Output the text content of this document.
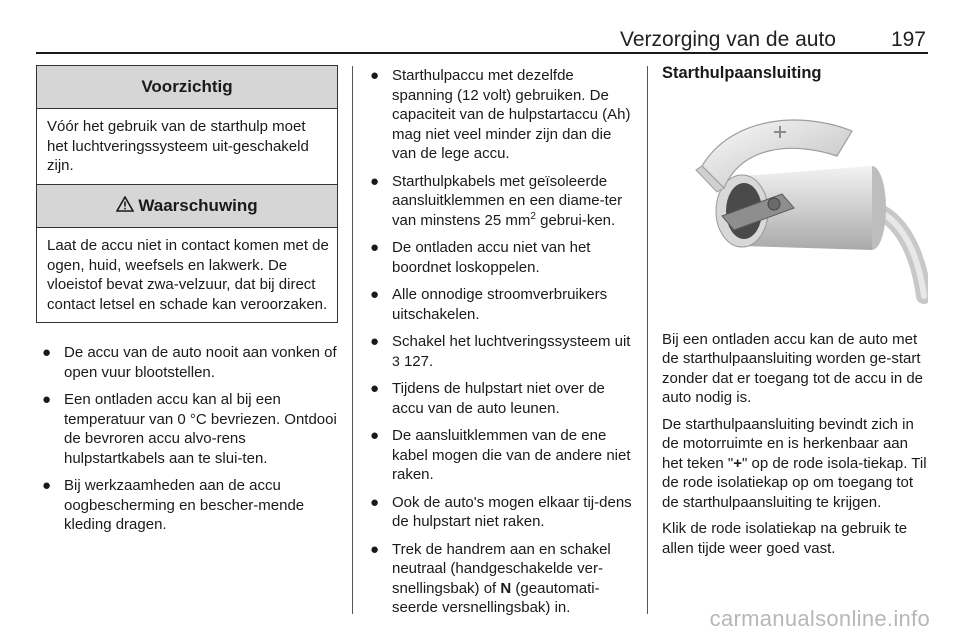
Verzorging van de auto	197
Voorzichtig
Vóór het gebruik van de starthulp moet het luchtveringssysteem uit-geschakeld zijn.
Waarschuwing
Laat de accu niet in contact komen met de ogen, huid, weefsels en lakwerk. De vloeistof bevat zwa-velzuur, dat bij direct contact letsel en schade kan veroorzaken.
● De accu van de auto nooit aan vonken of open vuur blootstellen.
● Een ontladen accu kan al bij een temperatuur van 0 °C bevriezen. Ontdooi de bevroren accu alvo-rens hulpstartkabels aan te slui-ten.
● Bij werkzaamheden aan de accu oogbescherming en bescher-mende kleding dragen.
● Starthulpaccu met dezelfde spanning (12 volt) gebruiken. De capaciteit van de hulpstartaccu (Ah) mag niet veel minder zijn dan die van de lege accu.
● Starthulpkabels met geïsoleerde aansluitklemmen en een diame-ter van minstens 25 $mm^2$ gebrui-ken.
● De ontladen accu niet van het boordnet loskoppelen.
● Alle onnodige stroomverbruikers uitschakelen.
● Schakel het luchtveringssysteem uit 3 127.
● Tijdens de hulpstart niet over de accu van de auto leunen.
● De aansluitklemmen van de ene kabel mogen die van de andere niet raken.
● Ook de auto's mogen elkaar tij-dens de hulpstart niet raken.
● Trek de handrem aan en schakel neutraal (handgeschakelde ver-snellingsbak) of N (geautomati-seerde versnellingsbak) in.
Starthulpaansluiting

Bij een ontladen accu kan de auto met de starthulpaansluiting worden ge-start zonder dat er toegang tot de accu in de auto nodig is.

De starthulpaansluiting bevindt zich in de motorruimte en is herkenbaar aan het teken "+" op de rode isola-tiekap. Til de rode isolatiekap op om toegang tot de starthulpaansluiting te krijgen.

Klik de rode isolatiekap na gebruik te allen tijde weer goed vast.

carmanualsonline.info
